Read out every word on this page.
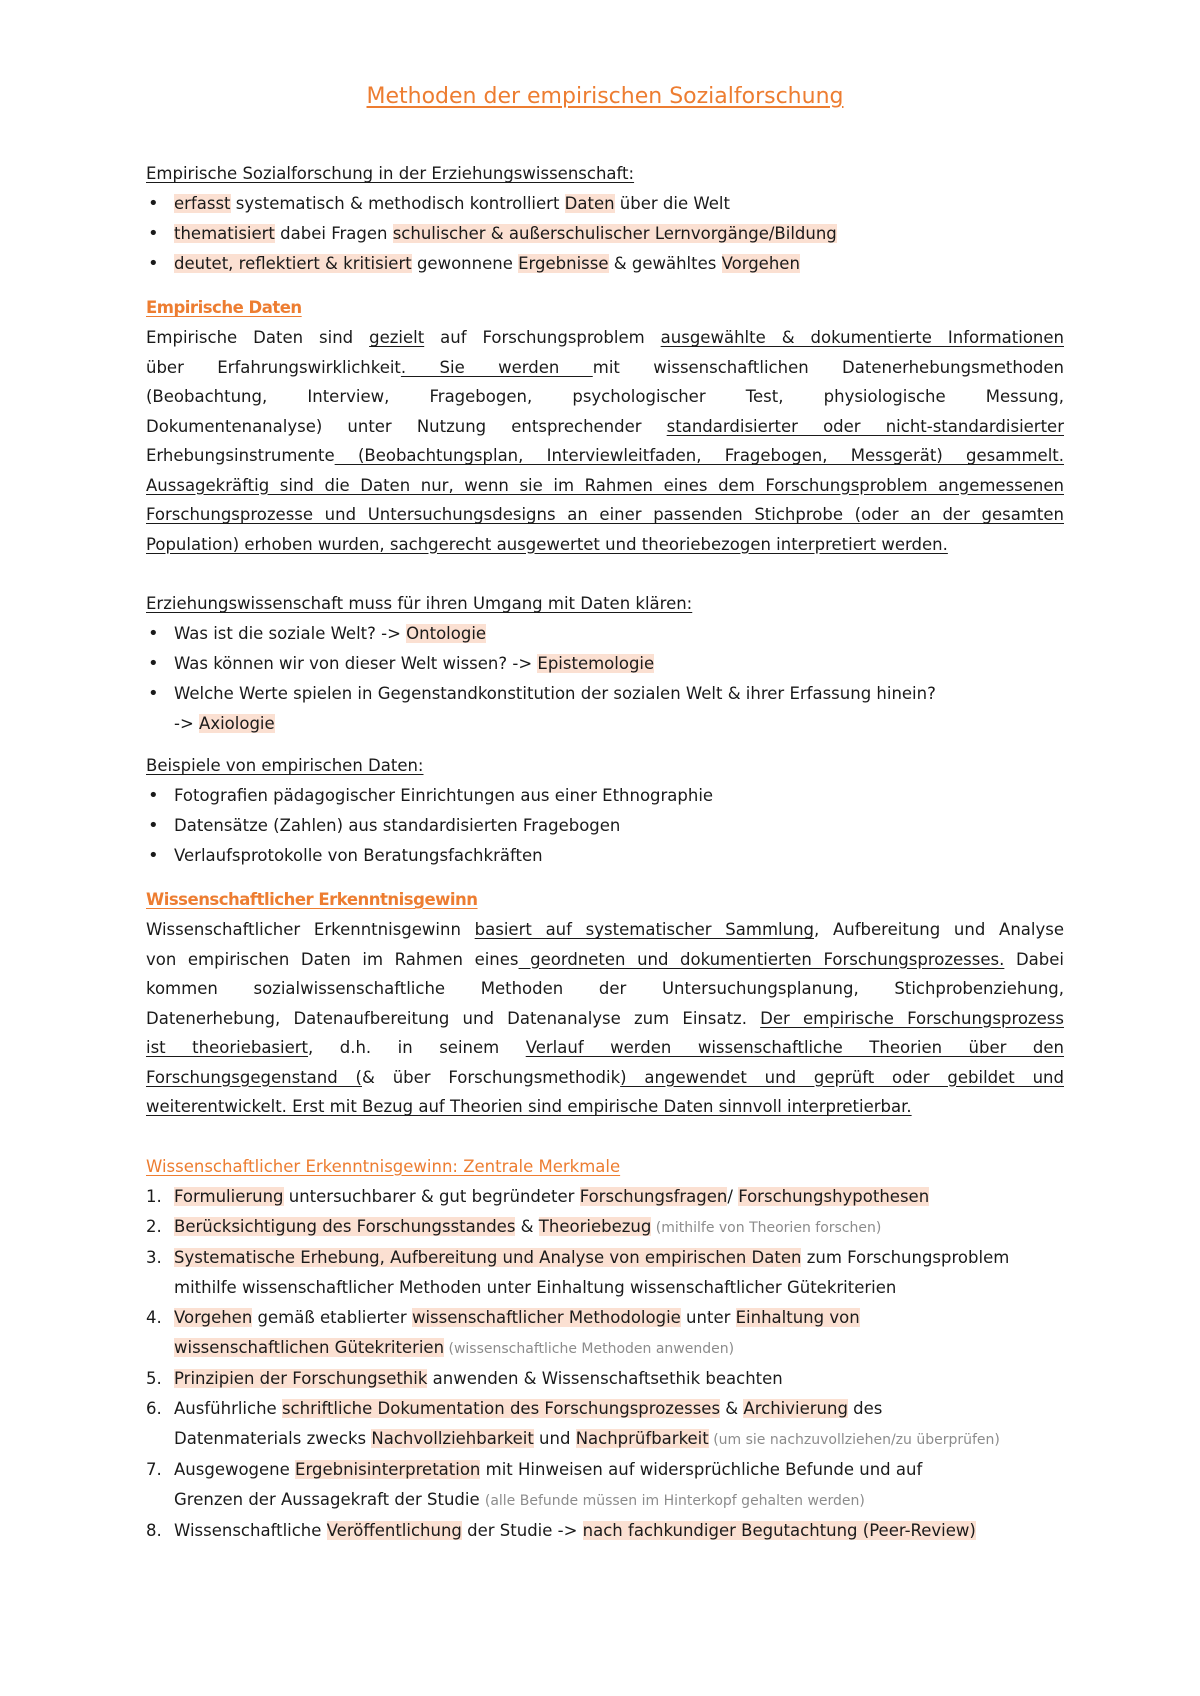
Methoden der empirischen Sozialforschung
Empirische Sozialforschung in der Erziehungswissenschaft:
• erfasst systematisch & methodisch kontrolliert Daten über die Welt
• thematisiert dabei Fragen schulischer & außerschulischer Lernvorgänge/Bildung
• deutet, reflektiert & kritisiert gewonnene Ergebnisse & gewähltes Vorgehen
Empirische Daten

Empirische Daten sind gezielt auf Forschungsproblem ausgewählte & dokumentierte Informationen

über Erfahrungswirklichkeit. Sie werden mit wissenschaftlichen Datenerhebungsmethoden

(Beobachtung, Interview, Fragebogen, psychologischer Test, physiologische Messung,

Dokumentenanalyse) unter Nutzung entsprechender standardisierter oder nicht-standardisierter

Erhebungsinstrumente (Beobachtungsplan, Interviewleitfaden, Fragebogen, Messgerät) gesammelt.

Aussagekräftig sind die Daten nur, wenn sie im Rahmen eines dem Forschungsproblem angemessenen

Forschungsprozesse und Untersuchungsdesigns an einer passenden Stichprobe (oder an der gesamten

Population) erhoben wurden, sachgerecht ausgewertet und theoriebezogen interpretiert werden.

Erziehungswissenschaft muss für ihren Umgang mit Daten klären:
• Was ist die soziale Welt? -> Ontologie
• Was können wir von dieser Welt wissen? -> Epistemologie
• Welche Werte spielen in Gegenstandkonstitution der sozialen Welt & ihrer Erfassung hinein?
-> Axiologie
Beispiele von empirischen Daten:
• Fotografien pädagogischer Einrichtungen aus einer Ethnographie
• Datensätze (Zahlen) aus standardisierten Fragebogen
• Verlaufsprotokolle von Beratungsfachkräften
Wissenschaftlicher Erkenntnisgewinn

Wissenschaftlicher Erkenntnisgewinn basiert auf systematischer Sammlung, Aufbereitung und Analyse

von empirischen Daten im Rahmen eines geordneten und dokumentierten Forschungsprozesses. Dabei

kommen sozialwissenschaftliche Methoden der Untersuchungsplanung, Stichprobenziehung,

Datenerhebung, Datenaufbereitung und Datenanalyse zum Einsatz. Der empirische Forschungsprozess

ist theoriebasiert, d.h. in seinem Verlauf werden wissenschaftliche Theorien über den

Forschungsgegenstand (& über Forschungsmethodik) angewendet und geprüft oder gebildet und

weiterentwickelt. Erst mit Bezug auf Theorien sind empirische Daten sinnvoll interpretierbar.

Wissenschaftlicher Erkenntnisgewinn: Zentrale Merkmale
1. Formulierung untersuchbarer & gut begründeter Forschungsfragen/ Forschungshypothesen
2. Berücksichtigung des Forschungsstandes & Theoriebezug (mithilfe von Theorien forschen)
3. Systematische Erhebung, Aufbereitung und Analyse von empirischen Daten zum Forschungsproblem
mithilfe wissenschaftlicher Methoden unter Einhaltung wissenschaftlicher Gütekriterien
4. Vorgehen gemäß etablierter wissenschaftlicher Methodologie unter Einhaltung von
wissenschaftlichen Gütekriterien (wissenschaftliche Methoden anwenden)
5. Prinzipien der Forschungsethik anwenden & Wissenschaftsethik beachten
6. Ausführliche schriftliche Dokumentation des Forschungsprozesses & Archivierung des
Datenmaterials zwecks Nachvollziehbarkeit und Nachprüfbarkeit (um sie nachzuvollziehen/zu überprüfen)
7. Ausgewogene Ergebnisinterpretation mit Hinweisen auf widersprüchliche Befunde und auf
Grenzen der Aussagekraft der Studie (alle Befunde müssen im Hinterkopf gehalten werden)
8. Wissenschaftliche Veröffentlichung der Studie -> nach fachkundiger Begutachtung (Peer-Review)
